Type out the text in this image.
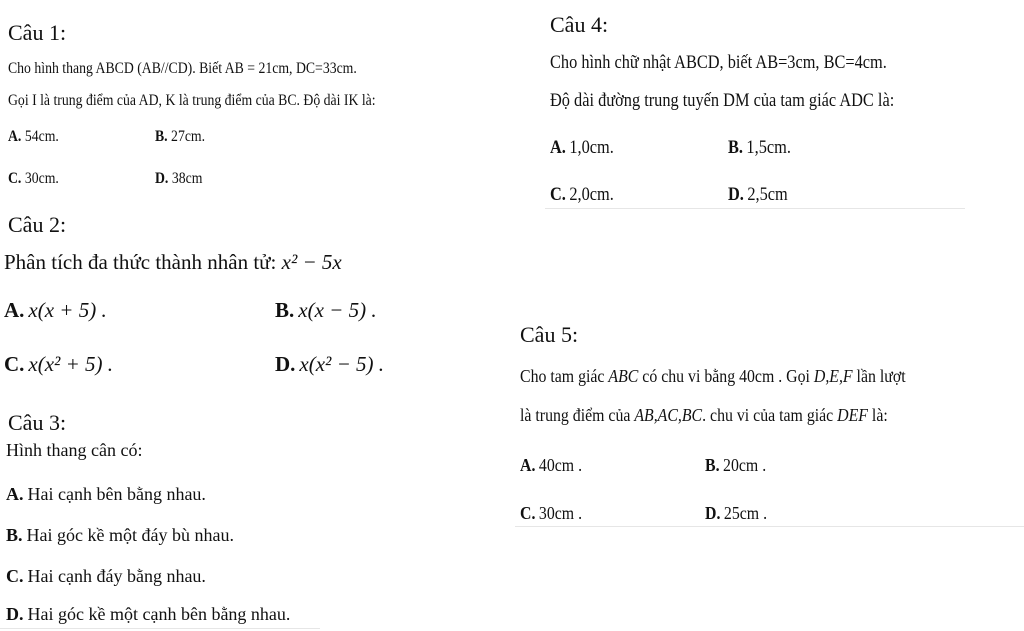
Câu 1:
Cho hình thang ABCD (AB//CD). Biết AB = 21cm, DC=33cm.
Gọi I là trung điểm của AD, K là trung điểm của BC. Độ dài IK là:
A. 54cm.	B. 27cm.
C. 30cm.	D. 38cm
Câu 2:
Phân tích đa thức thành nhân tử: x² − 5x
A. x(x + 5) .	B. x(x − 5) .
C. x(x² + 5) .	D. x(x² − 5) .
Câu 3:
Hình thang cân có:
A. Hai cạnh bên bằng nhau.
B. Hai góc kề một đáy bù nhau.
C. Hai cạnh đáy bằng nhau.
D. Hai góc kề một cạnh bên bằng nhau.
Câu 4:
Cho hình chữ nhật ABCD, biết AB=3cm, BC=4cm.
Độ dài đường trung tuyến DM của tam giác ADC là:
A. 1,0cm.	B. 1,5cm.
C. 2,0cm.	D. 2,5cm
Câu 5:
Cho tam giác ABC có chu vi bằng 40cm . Gọi D,E,F lần lượt
là trung điểm của AB,AC,BC. chu vi của tam giác DEF là:
A. 40cm .	B. 20cm .
C. 30cm .	D. 25cm .
